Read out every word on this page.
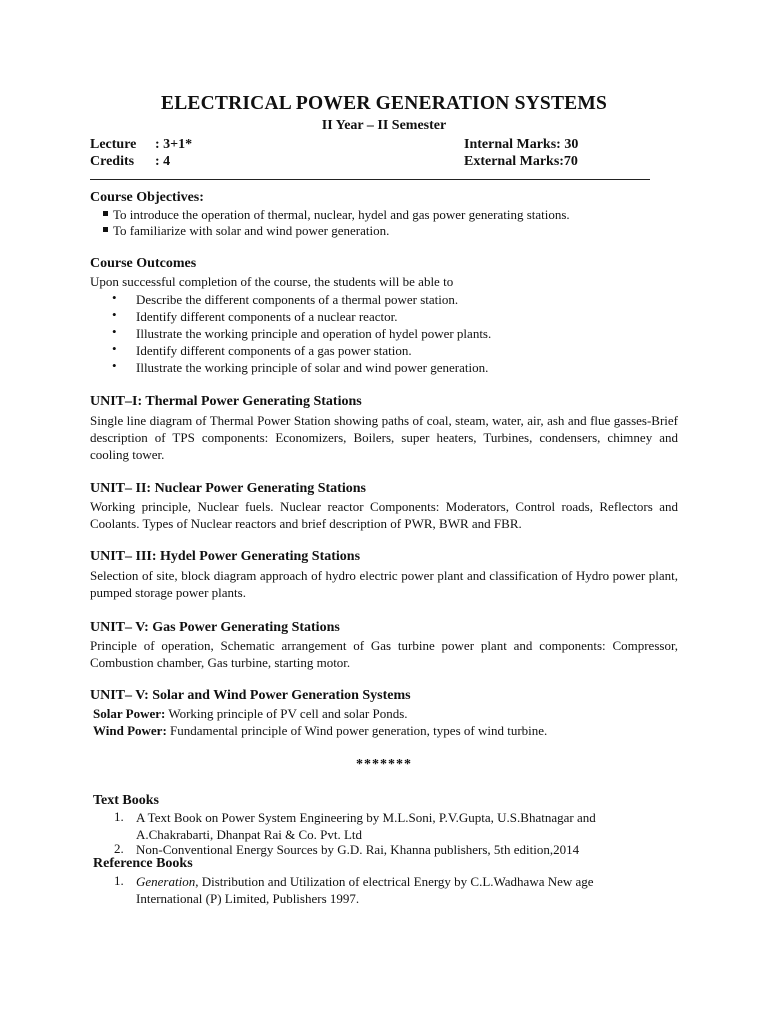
ELECTRICAL POWER GENERATION SYSTEMS
II Year – II Semester
Lecture : 3+1*
Credits : 4
Internal Marks: 30
External Marks:70
Course Objectives:
To introduce the operation of thermal, nuclear, hydel and gas power generating stations.
To familiarize with solar and wind power generation.
Course Outcomes
Upon successful completion of the course, the students will be able to
• Describe the different components of a thermal power station.
• Identify different components of a nuclear reactor.
• Illustrate the working principle and operation of hydel power plants.
• Identify different components of a gas power station.
• Illustrate the working principle of solar and wind power generation.
UNIT–I: Thermal Power Generating Stations
Single line diagram of Thermal Power Station showing paths of coal, steam, water, air, ash and flue gasses-Brief description of TPS components: Economizers, Boilers, super heaters, Turbines, condensers, chimney and cooling tower.
UNIT– II: Nuclear Power Generating Stations
Working principle, Nuclear fuels. Nuclear reactor Components: Moderators, Control roads, Reflectors and Coolants. Types of Nuclear reactors and brief description of PWR, BWR and FBR.
UNIT– III: Hydel Power Generating Stations
Selection of site, block diagram approach of hydro electric power plant and classification of Hydro power plant, pumped storage power plants.
UNIT– V: Gas Power Generating Stations
Principle of operation, Schematic arrangement of Gas turbine power plant and components: Compressor, Combustion chamber, Gas turbine, starting motor.
UNIT– V: Solar and Wind Power Generation Systems
Solar Power: Working principle of PV cell and solar Ponds.
Wind Power: Fundamental principle of Wind power generation, types of wind turbine.
*******
Text Books
1. A Text Book on Power System Engineering by M.L.Soni, P.V.Gupta, U.S.Bhatnagar and
A.Chakrabarti, Dhanpat Rai & Co. Pvt. Ltd
2. Non-Conventional Energy Sources by G.D. Rai, Khanna publishers, 5th edition,2014
Reference Books
1. Generation, Distribution and Utilization of electrical Energy by C.L.Wadhawa New age
International (P) Limited, Publishers 1997.
